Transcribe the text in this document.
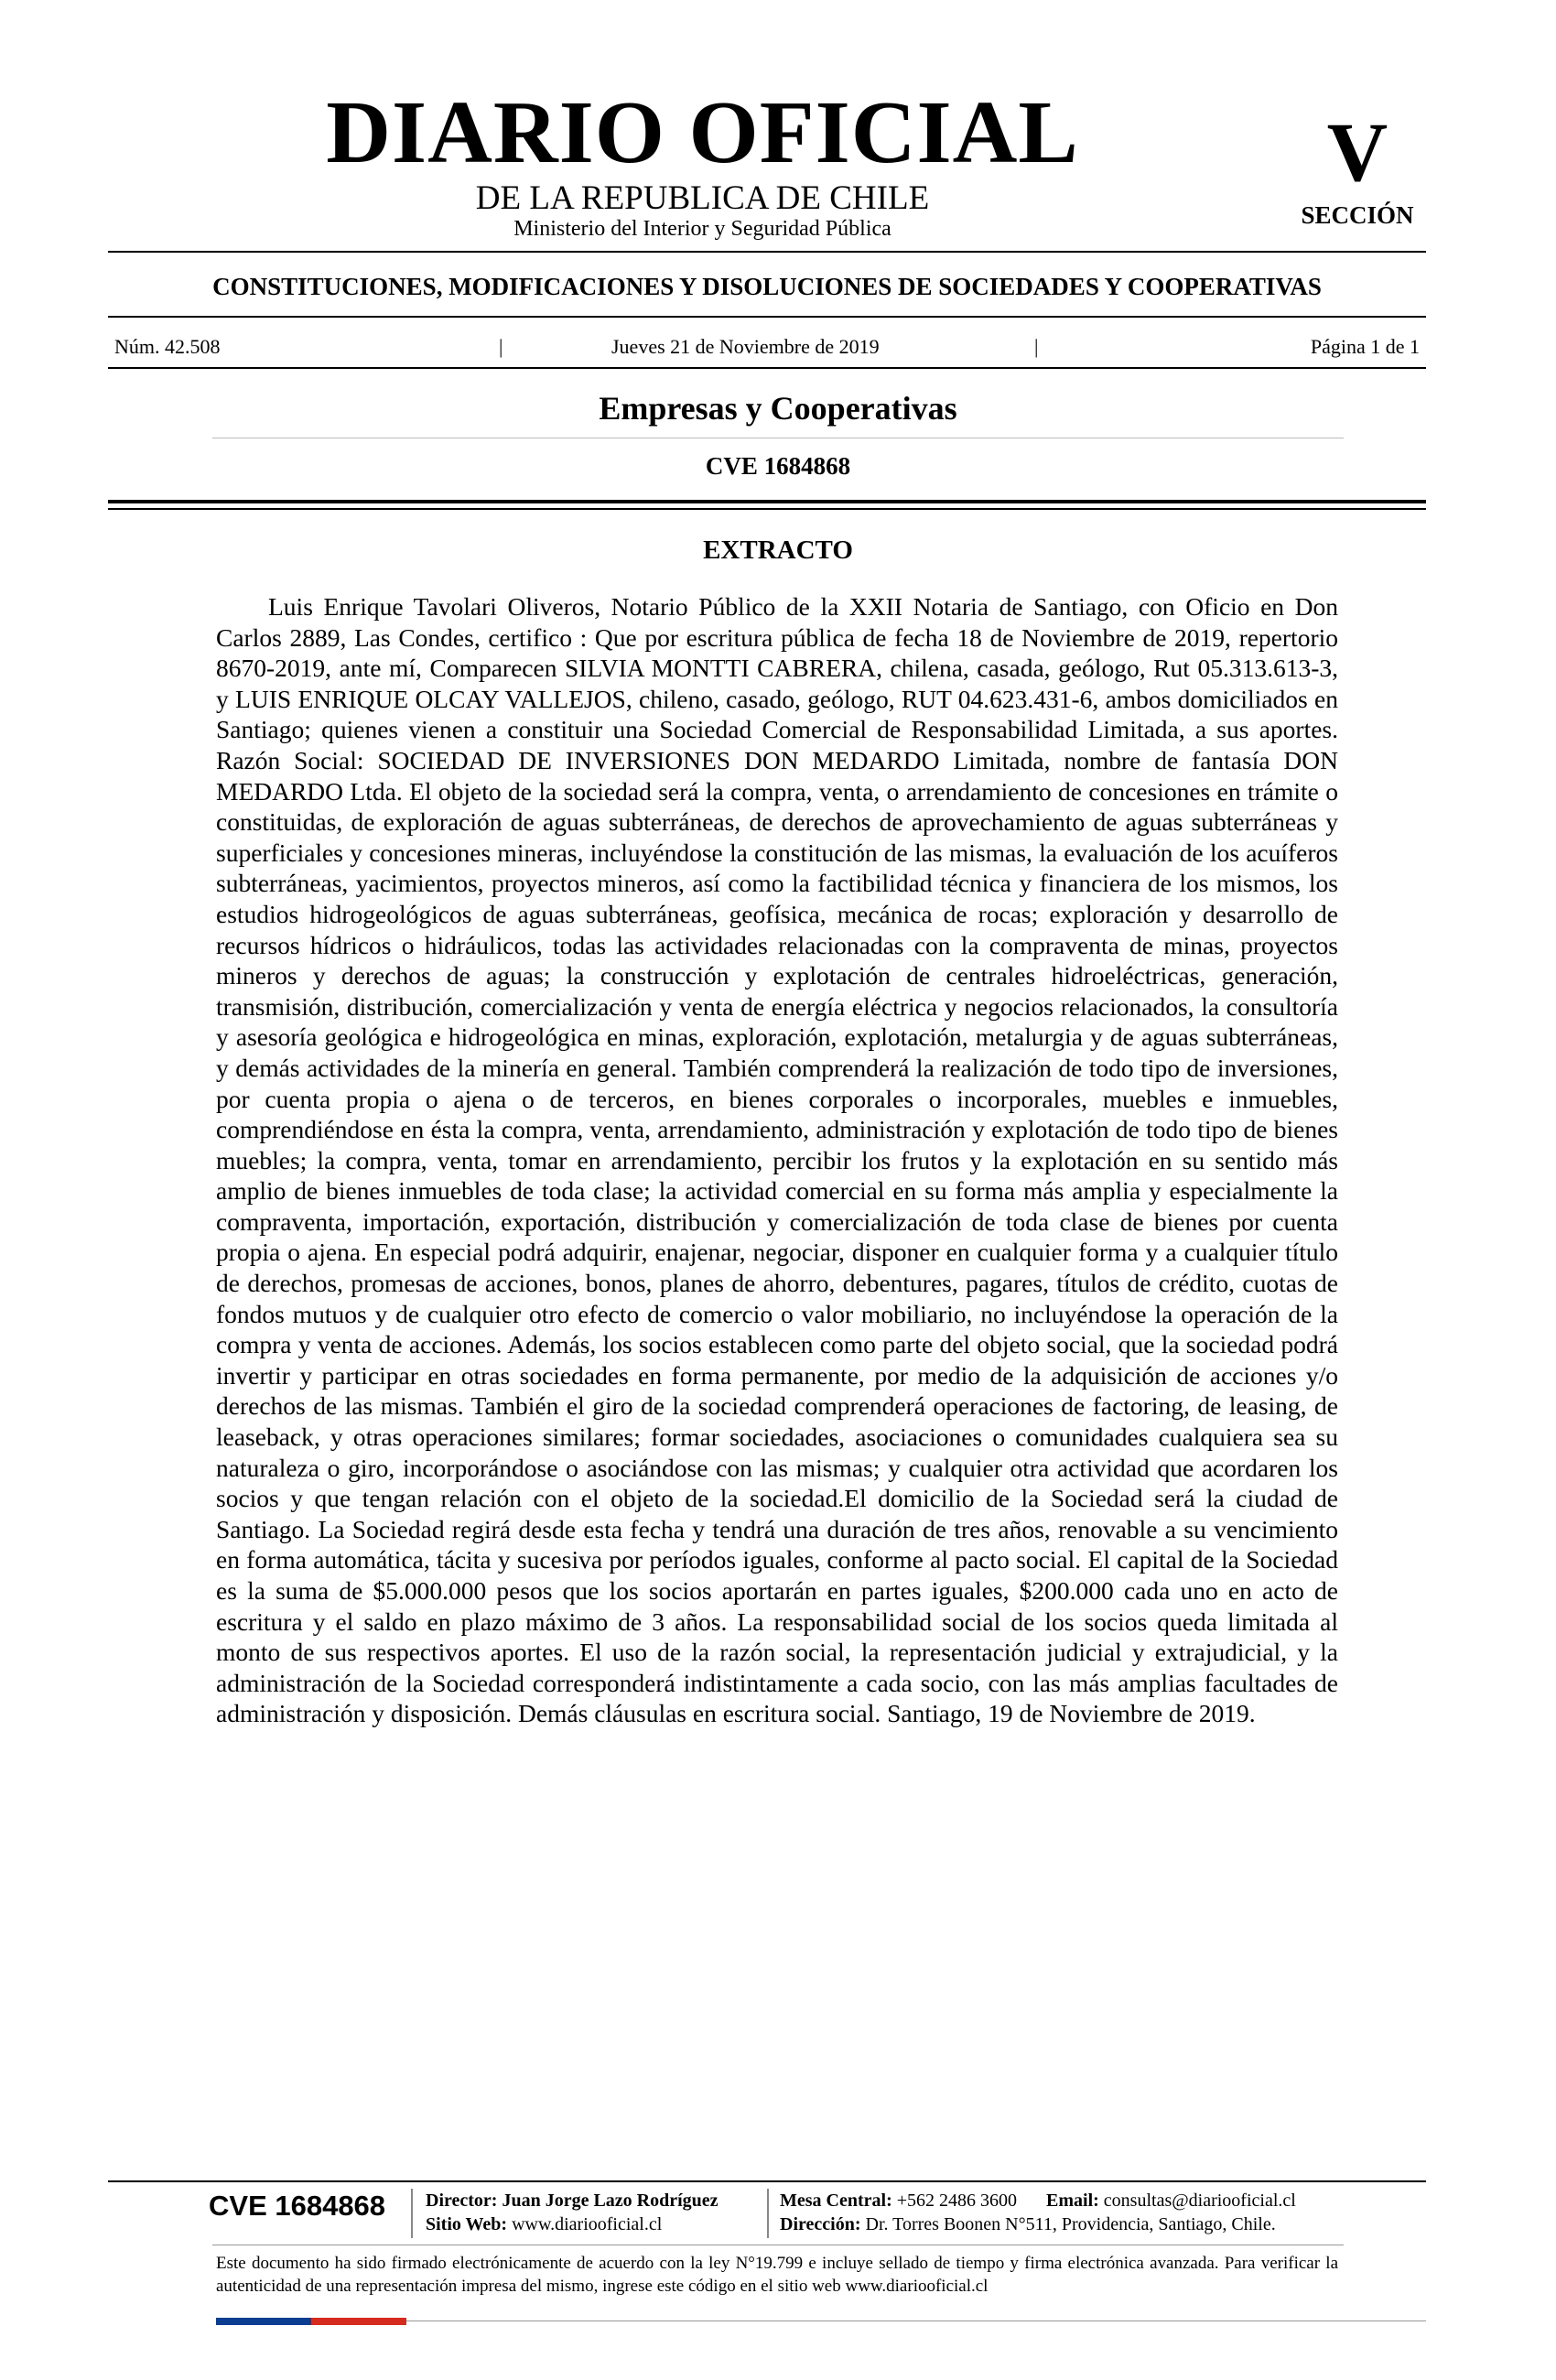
DIARIO OFICIAL
DE LA REPUBLICA DE CHILE
Ministerio del Interior y Seguridad Pública
V
SECCIÓN
CONSTITUCIONES, MODIFICACIONES Y DISOLUCIONES DE SOCIEDADES Y COOPERATIVAS
Núm. 42.508	|	Jueves 21 de Noviembre de 2019	|	Página 1 de 1
Empresas y Cooperativas
CVE 1684868
EXTRACTO

Luis Enrique Tavolari Oliveros, Notario Público de la XXII Notaria de Santiago, con Oficio en Don Carlos 2889, Las Condes, certifico : Que por escritura pública de fecha 18 de Noviembre de 2019, repertorio 8670-2019, ante mí, Comparecen SILVIA MONTTI CABRERA, chilena, casada, geólogo, Rut 05.313.613-3, y LUIS ENRIQUE OLCAY VALLEJOS, chileno, casado, geólogo, RUT 04.623.431-6, ambos domiciliados en Santiago; quienes vienen a constituir una Sociedad Comercial de Responsabilidad Limitada, a sus aportes. Razón Social: SOCIEDAD DE INVERSIONES DON MEDARDO Limitada, nombre de fantasía DON MEDARDO Ltda. El objeto de la sociedad será la compra, venta, o arrendamiento de concesiones en trámite o constituidas, de exploración de aguas subterráneas, de derechos de aprovechamiento de aguas subterráneas y superficiales y concesiones mineras, incluyéndose la constitución de las mismas, la evaluación de los acuíferos subterráneas, yacimientos, proyectos mineros, así como la factibilidad técnica y financiera de los mismos, los estudios hidrogeológicos de aguas subterráneas, geofísica, mecánica de rocas; exploración y desarrollo de recursos hídricos o hidráulicos, todas las actividades relacionadas con la compraventa de minas, proyectos mineros y derechos de aguas; la construcción y explotación de centrales hidroeléctricas, generación, transmisión, distribución, comercialización y venta de energía eléctrica y negocios relacionados, la consultoría y asesoría geológica e hidrogeológica en minas, exploración, explotación, metalurgia y de aguas subterráneas, y demás actividades de la minería en general. También comprenderá la realización de todo tipo de inversiones, por cuenta propia o ajena o de terceros, en bienes corporales o incorporales, muebles e inmuebles, comprendiéndose en ésta la compra, venta, arrendamiento, administración y explotación de todo tipo de bienes muebles; la compra, venta, tomar en arrendamiento, percibir los frutos y la explotación en su sentido más amplio de bienes inmuebles de toda clase; la actividad comercial en su forma más amplia y especialmente la compraventa, importación, exportación, distribución y comercialización de toda clase de bienes por cuenta propia o ajena. En especial podrá adquirir, enajenar, negociar, disponer en cualquier forma y a cualquier título de derechos, promesas de acciones, bonos, planes de ahorro, debentures, pagares, títulos de crédito, cuotas de fondos mutuos y de cualquier otro efecto de comercio o valor mobiliario, no incluyéndose la operación de la compra y venta de acciones. Además, los socios establecen como parte del objeto social, que la sociedad podrá invertir y participar en otras sociedades en forma permanente, por medio de la adquisición de acciones y/o derechos de las mismas. También el giro de la sociedad comprenderá operaciones de factoring, de leasing, de leaseback, y otras operaciones similares; formar sociedades, asociaciones o comunidades cualquiera sea su naturaleza o giro, incorporándose o asociándose con las mismas; y cualquier otra actividad que acordaren los socios y que tengan relación con el objeto de la sociedad.El domicilio de la Sociedad será la ciudad de Santiago. La Sociedad regirá desde esta fecha y tendrá una duración de tres años, renovable a su vencimiento en forma automática, tácita y sucesiva por períodos iguales, conforme al pacto social. El capital de la Sociedad es la suma de $5.000.000 pesos que los socios aportarán en partes iguales, $200.000 cada uno en acto de escritura y el saldo en plazo máximo de 3 años. La responsabilidad social de los socios queda limitada al monto de sus respectivos aportes. El uso de la razón social, la representación judicial y extrajudicial, y la administración de la Sociedad corresponderá indistintamente a cada socio, con las más amplias facultades de administración y disposición. Demás cláusulas en escritura social. Santiago, 19 de Noviembre de 2019.

CVE 1684868	Director: Juan Jorge Lazo Rodríguez
Sitio Web: www.diariooficial.cl
Mesa Central: +562 2486 3600 Email: consultas@diariooficial.cl
Dirección: Dr. Torres Boonen N°511, Providencia, Santiago, Chile.
Este documento ha sido firmado electrónicamente de acuerdo con la ley N°19.799 e incluye sellado de tiempo y firma electrónica avanzada. Para verificar la autenticidad de una representación impresa del mismo, ingrese este código en el sitio web www.diariooficial.cl
